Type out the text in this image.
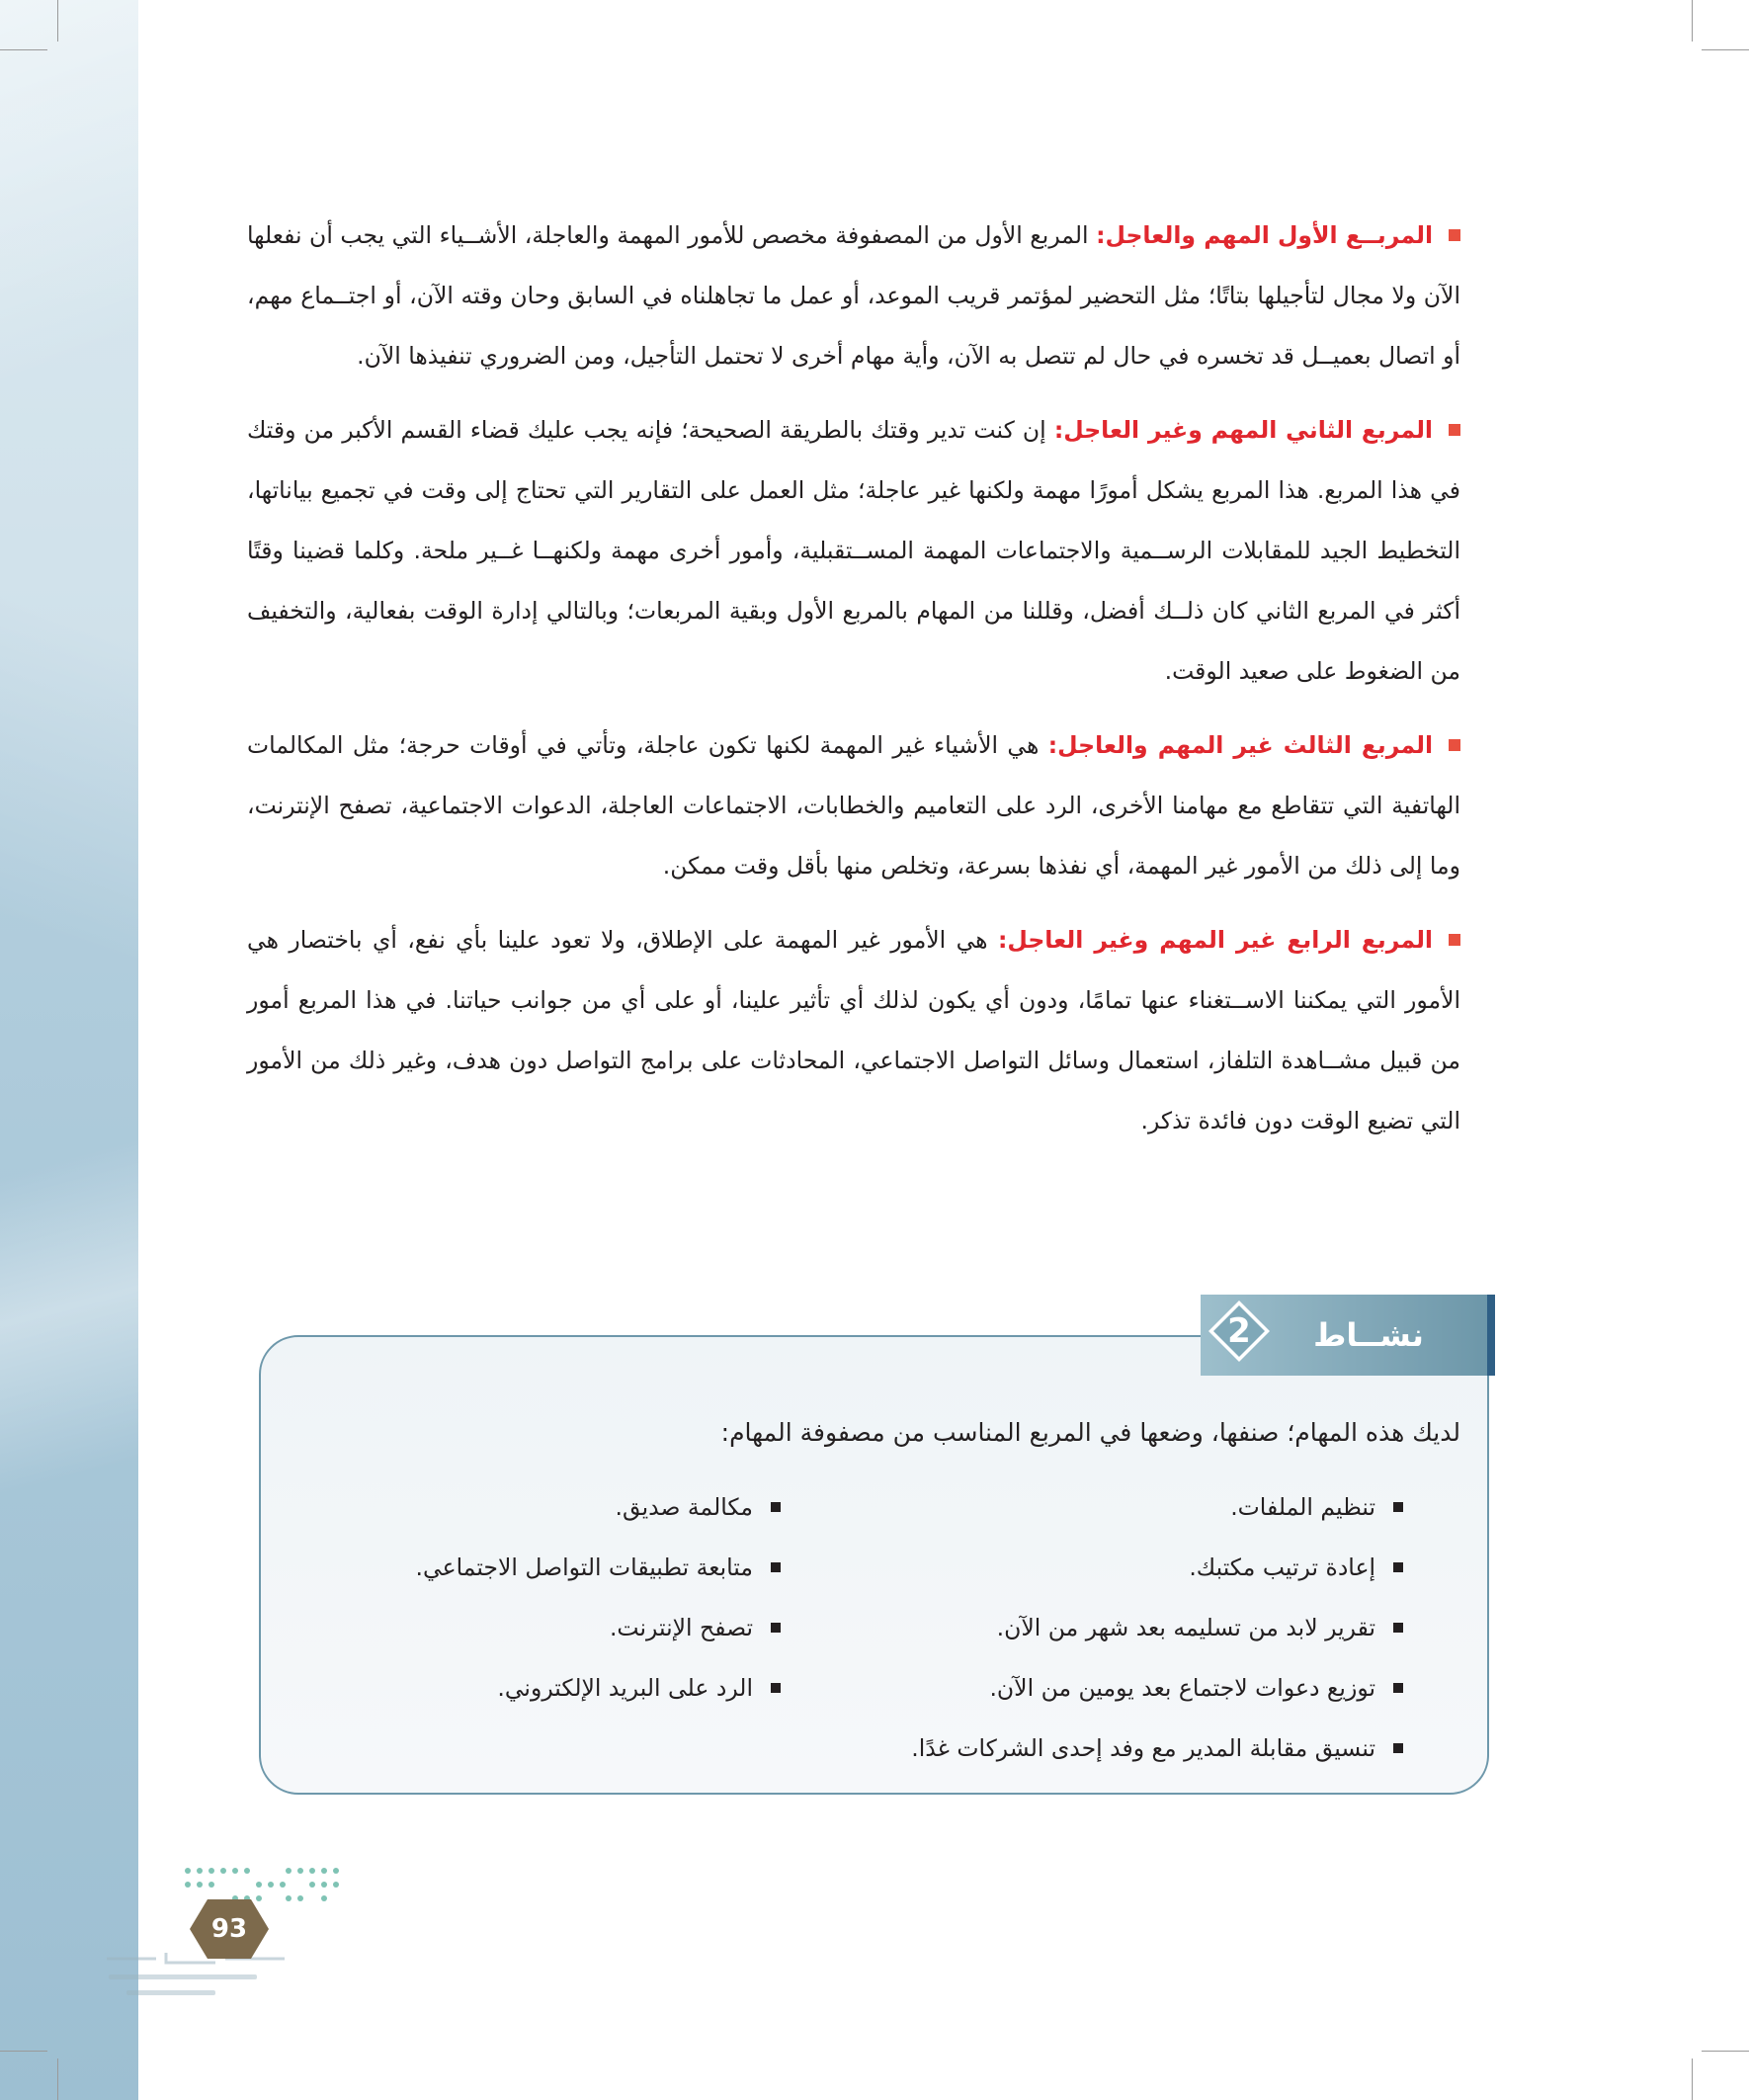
المربــع الأول المهم والعاجل: المربع الأول من المصفوفة مخصص للأمور المهمة والعاجلة، الأشــياء التي يجب أن نفعلها الآن ولا مجال لتأجيلها بتاتًا؛ مثل التحضير لمؤتمر قريب الموعد، أو عمل ما تجاهلناه في السابق وحان وقته الآن، أو اجتــماع مهم، أو اتصال بعميــل قد تخسره في حال لم تتصل به الآن، وأية مهام أخرى لا تحتمل التأجيل، ومن الضروري تنفيذها الآن.

المربع الثاني المهم وغير العاجل: إن كنت تدير وقتك بالطريقة الصحيحة؛ فإنه يجب عليك قضاء القسم الأكبر من وقتك في هذا المربع. هذا المربع يشكل أمورًا مهمة ولكنها غير عاجلة؛ مثل العمل على التقارير التي تحتاج إلى وقت في تجميع بياناتها، التخطيط الجيد للمقابلات الرســمية والاجتماعات المهمة المســتقبلية، وأمور أخرى مهمة ولكنهــا غــير ملحة. وكلما قضينا وقتًا أكثر في المربع الثاني كان ذلــك أفضل، وقللنا من المهام بالمربع الأول وبقية المربعات؛ وبالتالي إدارة الوقت بفعالية، والتخفيف من الضغوط على صعيد الوقت.

المربع الثالث غير المهم والعاجل: هي الأشياء غير المهمة لكنها تكون عاجلة، وتأتي في أوقات حرجة؛ مثل المكالمات الهاتفية التي تتقاطع مع مهامنا الأخرى، الرد على التعاميم والخطابات، الاجتماعات العاجلة، الدعوات الاجتماعية، تصفح الإنترنت، وما إلى ذلك من الأمور غير المهمة، أي نفذها بسرعة، وتخلص منها بأقل وقت ممكن.

المربع الرابع غير المهم وغير العاجل: هي الأمور غير المهمة على الإطلاق، ولا تعود علينا بأي نفع، أي باختصار هي الأمور التي يمكننا الاســتغناء عنها تمامًا، ودون أي يكون لذلك أي تأثير علينا، أو على أي من جوانب حياتنا. في هذا المربع أمور من قبيل مشــاهدة التلفاز، استعمال وسائل التواصل الاجتماعي، المحادثات على برامج التواصل دون هدف، وغير ذلك من الأمور التي تضيع الوقت دون فائدة تذكر.

نشــاط
2
لديك هذه المهام؛ صنفها، وضعها في المربع المناسب من مصفوفة المهام:
تنظيم الملفات.
إعادة ترتيب مكتبك.
تقرير لابد من تسليمه بعد شهر من الآن.
توزيع دعوات لاجتماع بعد يومين من الآن.
تنسيق مقابلة المدير مع وفد إحدى الشركات غدًا.
مكالمة صديق.
متابعة تطبيقات التواصل الاجتماعي.
تصفح الإنترنت.
الرد على البريد الإلكتروني.
93
